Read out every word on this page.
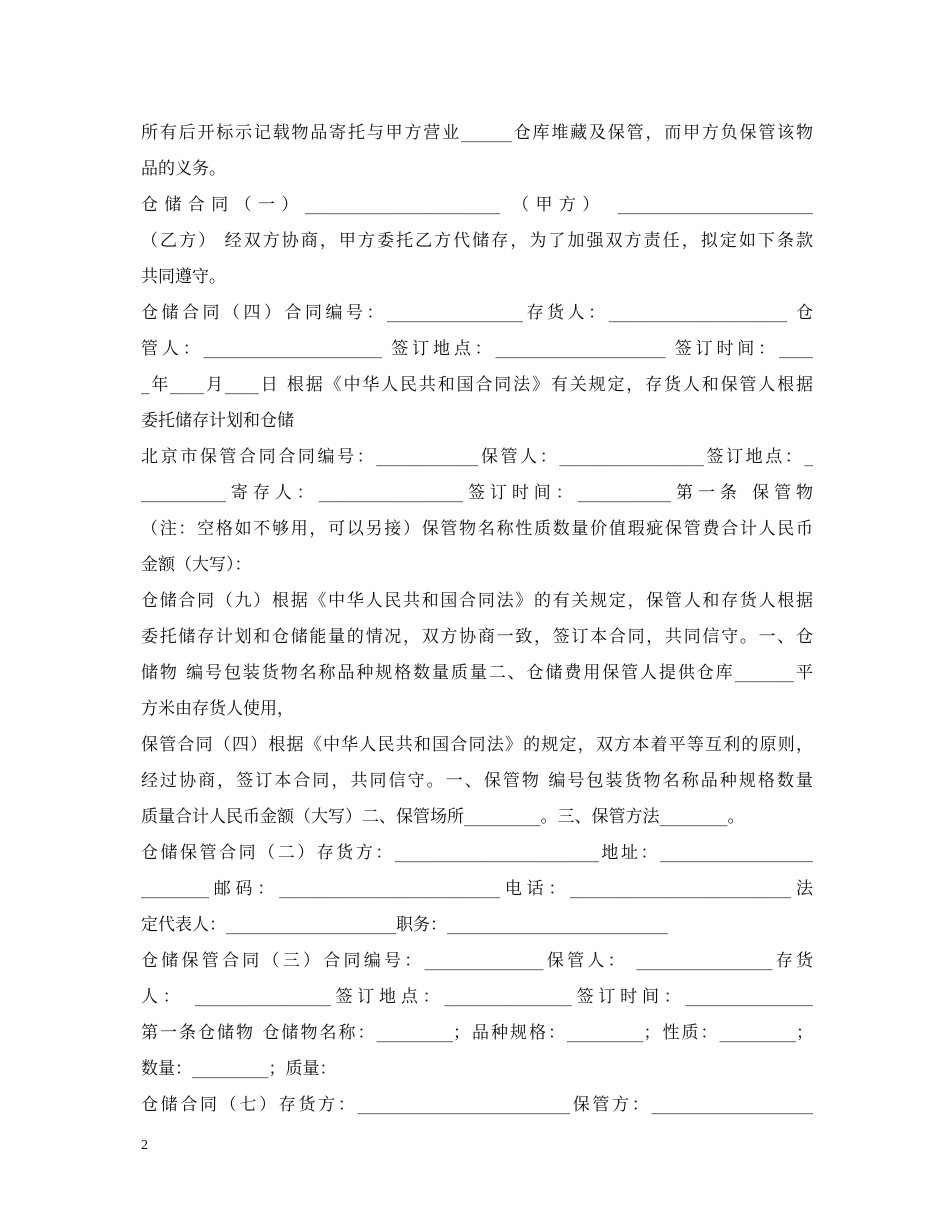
所有后开标示记载物品寄托与甲方营业______仓库堆藏及保管，而甲方负保管该物
品的义务。
仓储合同（一）_______________________ （甲方） _______________________
（乙方） 经双方协商，甲方委托乙方代储存，为了加强双方责任，拟定如下条款
共同遵守。
仓储合同（四）合同编号：________________存货人：_____________________ 仓
管人：_____________________ 签订地点：____________________ 签订时间：____
_年____月____日 根据《中华人民共和国合同法》有关规定，存货人和保管人根据
委托储存计划和仓储
北京市保管合同合同编号：____________保管人：_________________签订地点：_
__________寄存人：_________________签订时间：___________第一条 保管物
（注：空格如不够用，可以另接）保管物名称性质数量价值瑕疵保管费合计人民币
金额（大写）：
仓储合同（九）根据《中华人民共和国合同法》的有关规定，保管人和存货人根据
委托储存计划和仓储能量的情况，双方协商一致，签订本合同，共同信守。一、仓
储物 编号包装货物名称品种规格数量质量二、仓储费用保管人提供仓库_______平
方米由存货人使用，
保管合同（四）根据《中华人民共和国合同法》的规定，双方本着平等互利的原则，
经过协商，签订本合同，共同信守。一、保管物 编号包装货物名称品种规格数量
质量合计人民币金额（大写）二、保管场所_________。三、保管方法________。
仓储保管合同（二）存货方：________________________地址：__________________
________邮码：__________________________电话：__________________________法
定代表人：____________________职务：__________________________
仓储保管合同（三）合同编号：______________保管人： ________________存货
人： ________________签订地点：_______________签订时间：_______________
第一条仓储物 仓储物名称：_________；品种规格：_________；性质：_________；
数量：_________；质量：
仓储合同（七）存货方：_________________________保管方：___________________
2
